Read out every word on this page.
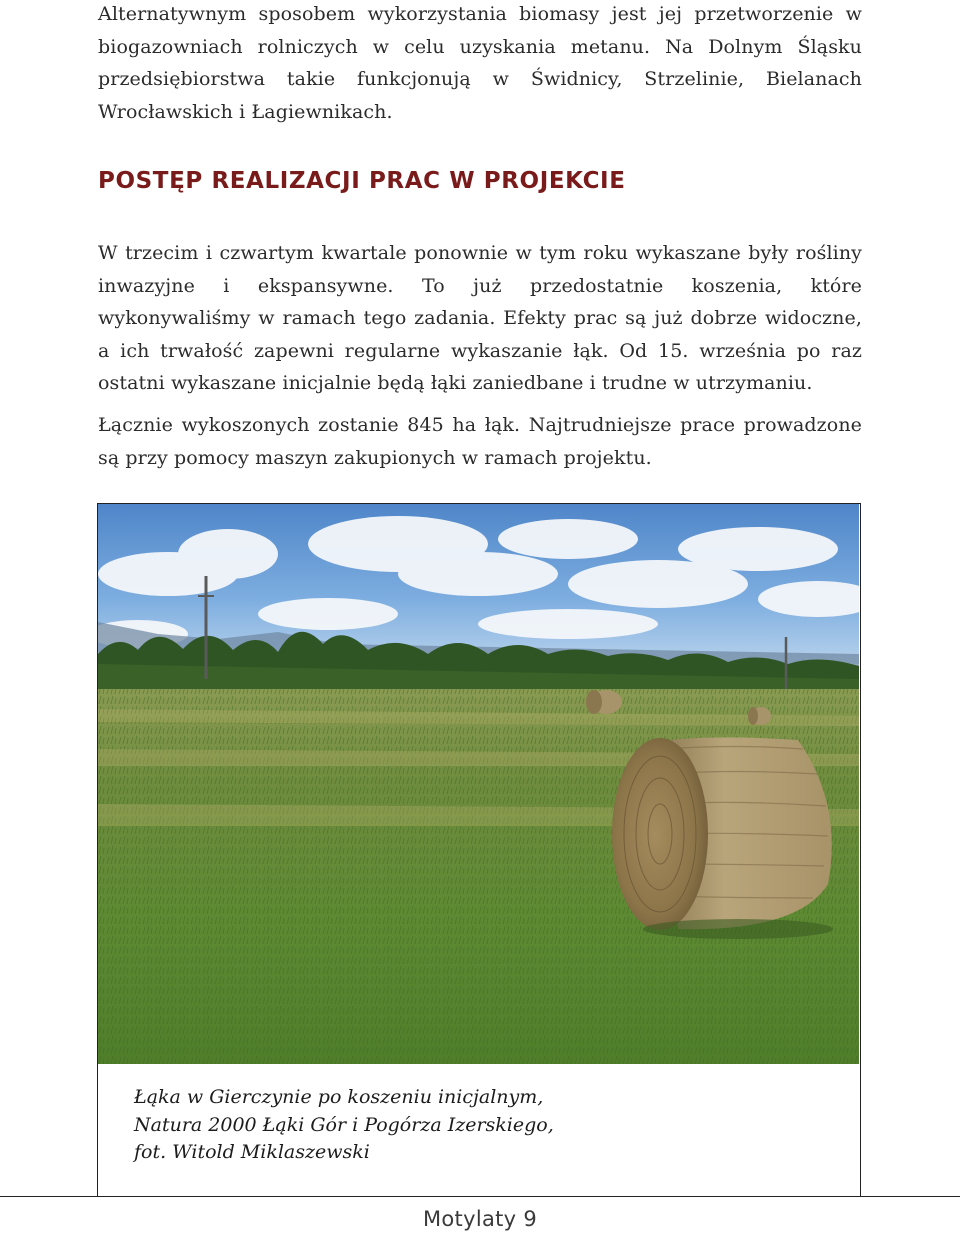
Alternatywnym sposobem wykorzystania biomasy jest jej przetworzenie w biogazowniach rolniczych w celu uzyskania metanu. Na Dolnym Śląsku przedsiębiorstwa takie funkcjonują w Świdnicy, Strzelinie, Bielanach Wrocławskich i Łagiewnikach.

POSTĘP REALIZACJI PRAC W PROJEKCIE

W trzecim i czwartym kwartale ponownie w tym roku wykaszane były rośliny inwazyjne i ekspansywne. To już przedostatnie koszenia, które wykonywaliśmy w ramach tego zadania. Efekty prac są już dobrze widoczne, a ich trwałość zapewni regularne wykaszanie łąk. Od 15. września po raz ostatni wykaszane inicjalnie będą łąki zaniedbane i trudne w utrzymaniu.

Łącznie wykoszonych zostanie 845 ha łąk. Najtrudniejsze prace prowadzone są przy pomocy maszyn zakupionych w ramach projektu.

Łąka w Gierczynie po koszeniu inicjalnym,
Natura 2000 Łąki Gór i Pogórza Izerskiego,
fot. Witold Miklaszewski

Motylaty 9
